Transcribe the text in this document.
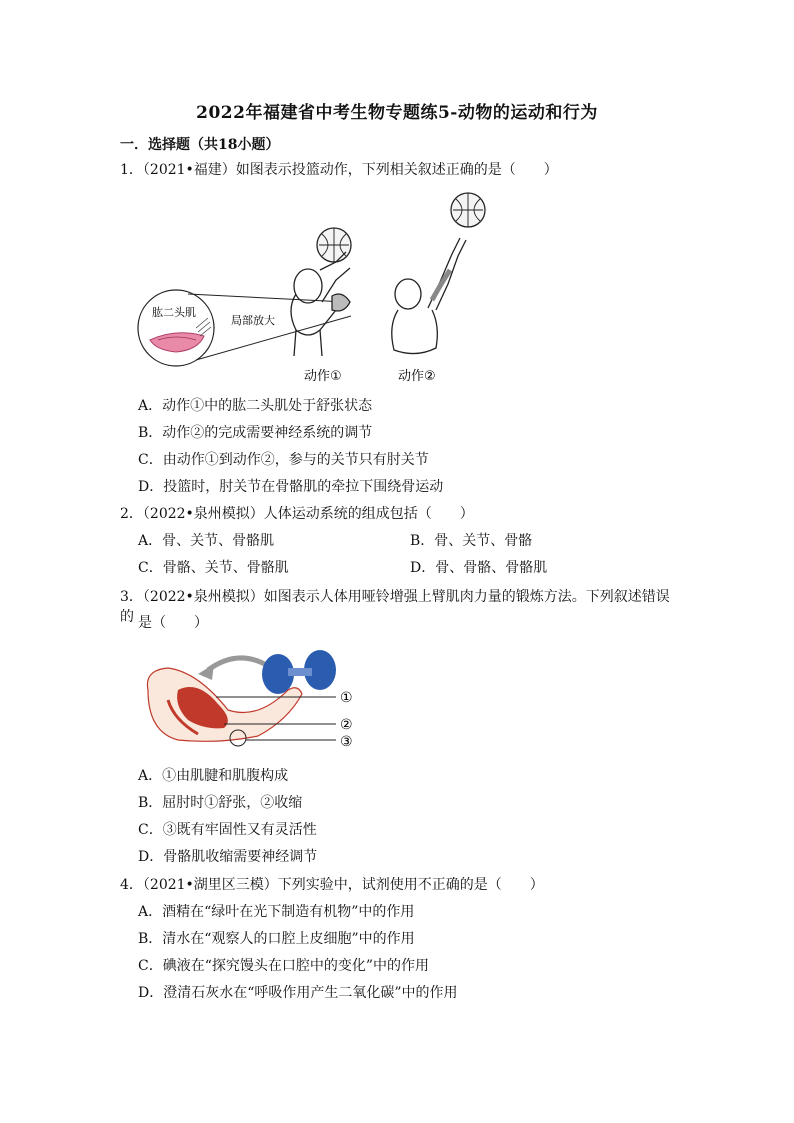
2022年福建省中考生物专题练5-动物的运动和行为
一．选择题（共18小题）
1．（2021•福建）如图表示投篮动作，下列相关叙述正确的是（　　）
肱二头肌
局部放大
动作①	动作②
A．动作①中的肱二头肌处于舒张状态
B．动作②的完成需要神经系统的调节
C．由动作①到动作②，参与的关节只有肘关节
D．投篮时，肘关节在骨骼肌的牵拉下围绕骨运动
2．（2022•泉州模拟）人体运动系统的组成包括（　　）
A．骨、关节、骨骼肌	B．骨、关节、骨骼
C．骨骼、关节、骨骼肌	D．骨、骨骼、骨骼肌
3．（2022•泉州模拟）如图表示人体用哑铃增强上臂肌肉力量的锻炼方法。下列叙述错误的 是（　　）
①
②
③
A．①由肌腱和肌腹构成
B．屈肘时①舒张，②收缩
C．③既有牢固性又有灵活性
D．骨骼肌收缩需要神经调节
4．（2021•湖里区三模）下列实验中，试剂使用不正确的是（　　）
A．酒精在“绿叶在光下制造有机物”中的作用
B．清水在“观察人的口腔上皮细胞”中的作用
C．碘液在“探究馒头在口腔中的变化”中的作用
D．澄清石灰水在“呼吸作用产生二氧化碳”中的作用
